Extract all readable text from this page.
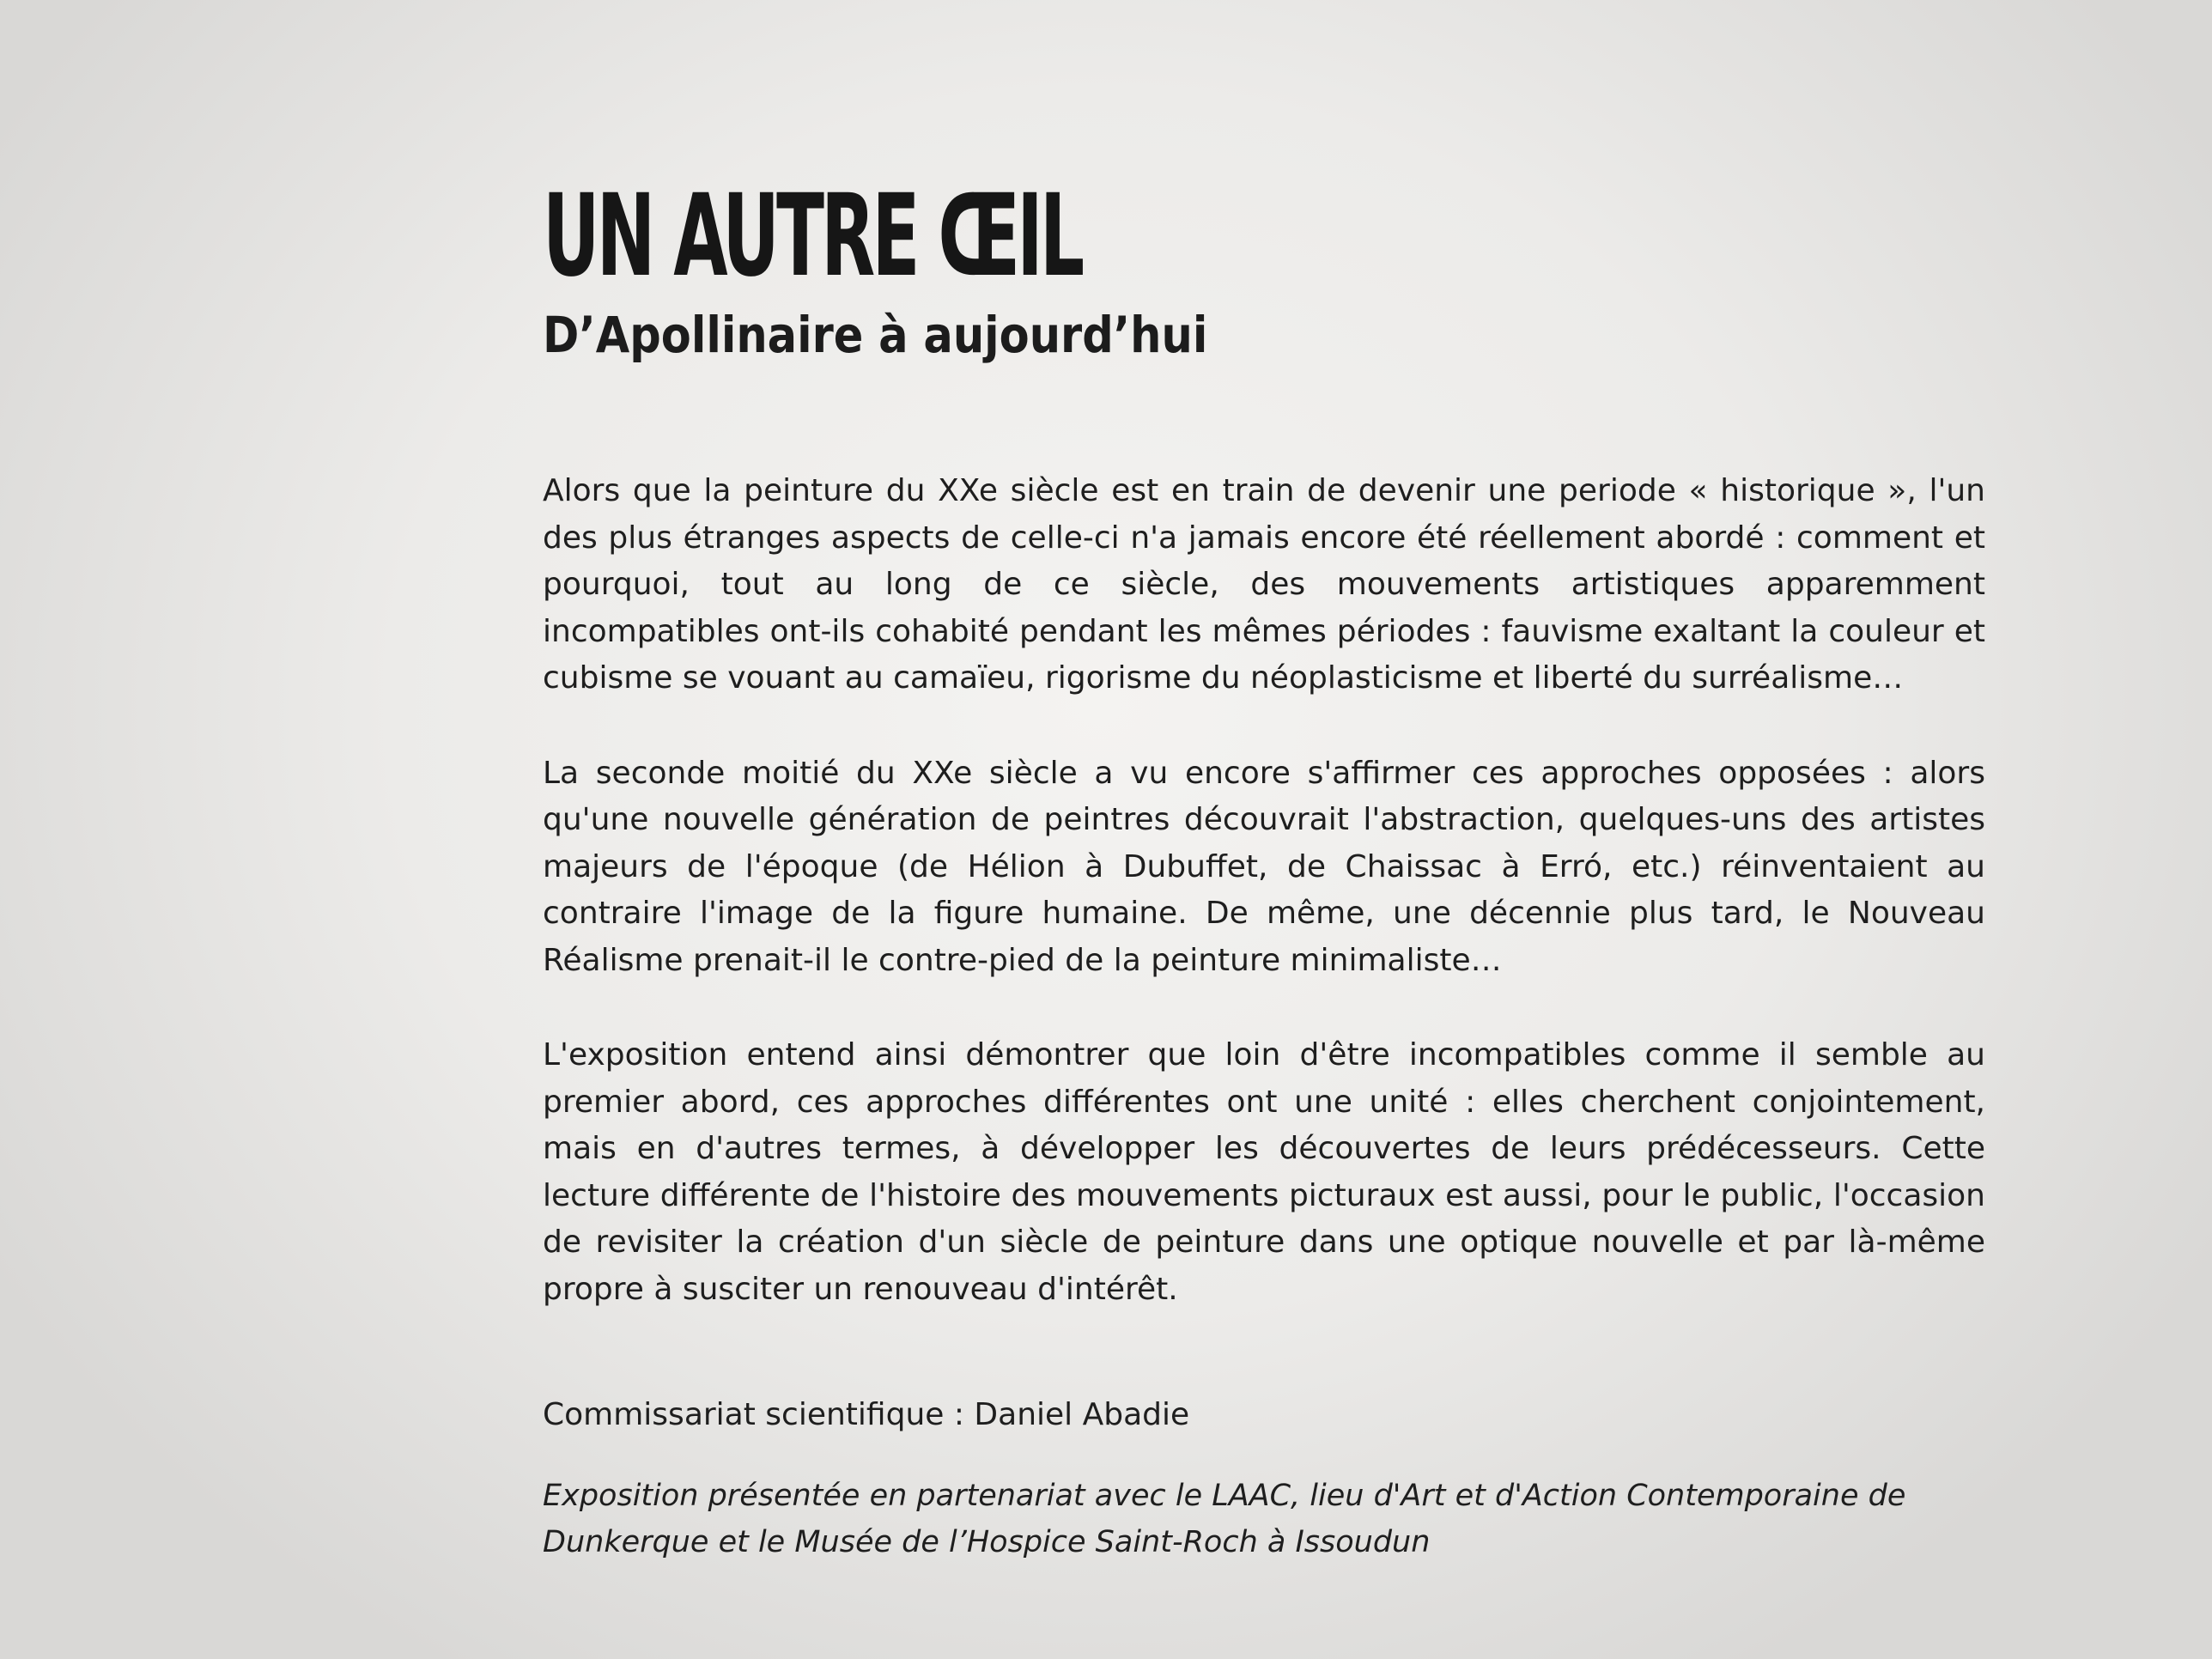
UN AUTRE ŒIL
D’Apollinaire à aujourd’hui

Alors que la peinture du XXe siècle est en train de devenir une periode « historique », l'un des plus étranges aspects de celle-ci n'a jamais encore été réellement abordé : comment et pourquoi, tout au long de ce siècle, des mouvements artistiques apparemment incompatibles ont-ils cohabité pendant les mêmes périodes : fauvisme exaltant la couleur et cubisme se vouant au camaïeu, rigorisme du néoplasticisme et liberté du surréalisme…

La seconde moitié du XXe siècle a vu encore s'affirmer ces approches opposées : alors qu'une nouvelle génération de peintres découvrait l'abstraction, quelques-uns des artistes majeurs de l'époque (de Hélion à Dubuffet, de Chaissac à Erró, etc.) réinventaient au contraire l'image de la figure humaine. De même, une décennie plus tard, le Nouveau Réalisme prenait-il le contre-pied de la peinture minimaliste…

L'exposition entend ainsi démontrer que loin d'être incompatibles comme il semble au premier abord, ces approches différentes ont une unité : elles cherchent conjointement, mais en d'autres termes, à développer les découvertes de leurs prédécesseurs. Cette lecture différente de l'histoire des mouvements picturaux est aussi, pour le public, l'occasion de revisiter la création d'un siècle de peinture dans une optique nouvelle et par là-même propre à susciter un renouveau d'intérêt.

Commissariat scientifique : Daniel Abadie

Exposition présentée en partenariat avec le LAAC, lieu d'Art et d'Action Contemporaine de Dunkerque et le Musée de l’Hospice Saint-Roch à Issoudun
